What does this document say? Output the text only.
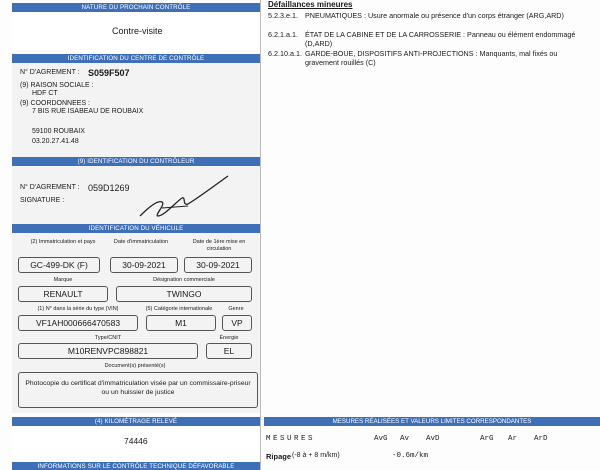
NATURE DU PROCHAIN CONTRÔLE
Contre-visite
IDENTIFICATION DU CENTRE DE CONTRÔLE
N° D'AGREMENT : S059F507
(9) RAISON SOCIALE :
HDF CT
(9) COORDONNEES :
7 BIS RUE ISABEAU DE ROUBAIX
59100 ROUBAIX
03.20.27.41.48
(9) IDENTIFICATION DU CONTRÔLEUR
N° D'AGREMENT : 059D1269
SIGNATURE :
IDENTIFICATION DU VÉHICULE
(2) Immatriculation et pays	Date d'immatriculation	Date de 1ère mise en circulation
GC-499-DK (F)	30-09-2021	30-09-2021
Marque	Désignation commerciale
RENAULT	TWINGO
(1) N° dans la série du type (VIN)	(5) Catégorie internationale	Genre
VF1AH000666470583	M1	VP
Type/CNIT	Énergie
M10RENVPC898821	EL
Document(s) présenté(s)
Photocopie du certificat d'immatriculation visée par un commissaire-priseur ou un huissier de justice
(4) KILOMÉTRAGE RELEVÉ
74446
INFORMATIONS SUR LE CONTRÔLE TECHNIQUE DÉFAVORABLE
Défaillances mineures
5.2.3.e.1. PNEUMATIQUES : Usure anormale ou présence d'un corps étranger (ARG,ARD)
6.2.1.a.1. ÉTAT DE LA CABINE ET DE LA CARROSSERIE : Panneau ou élément endommagé (D,ARD)
6.2.10.a.1. GARDE-BOUE, DISPOSITIFS ANTI-PROJECTIONS : Manquants, mal fixés ou gravement rouillés (C)
MESURES RÉALISÉES ET VALEURS LIMITES CORRESPONDANTES
MESURES	AvG Av AvD	ArG Ar ArD
Ripage (-8 à + 8 m/km)	-0.6m/km
